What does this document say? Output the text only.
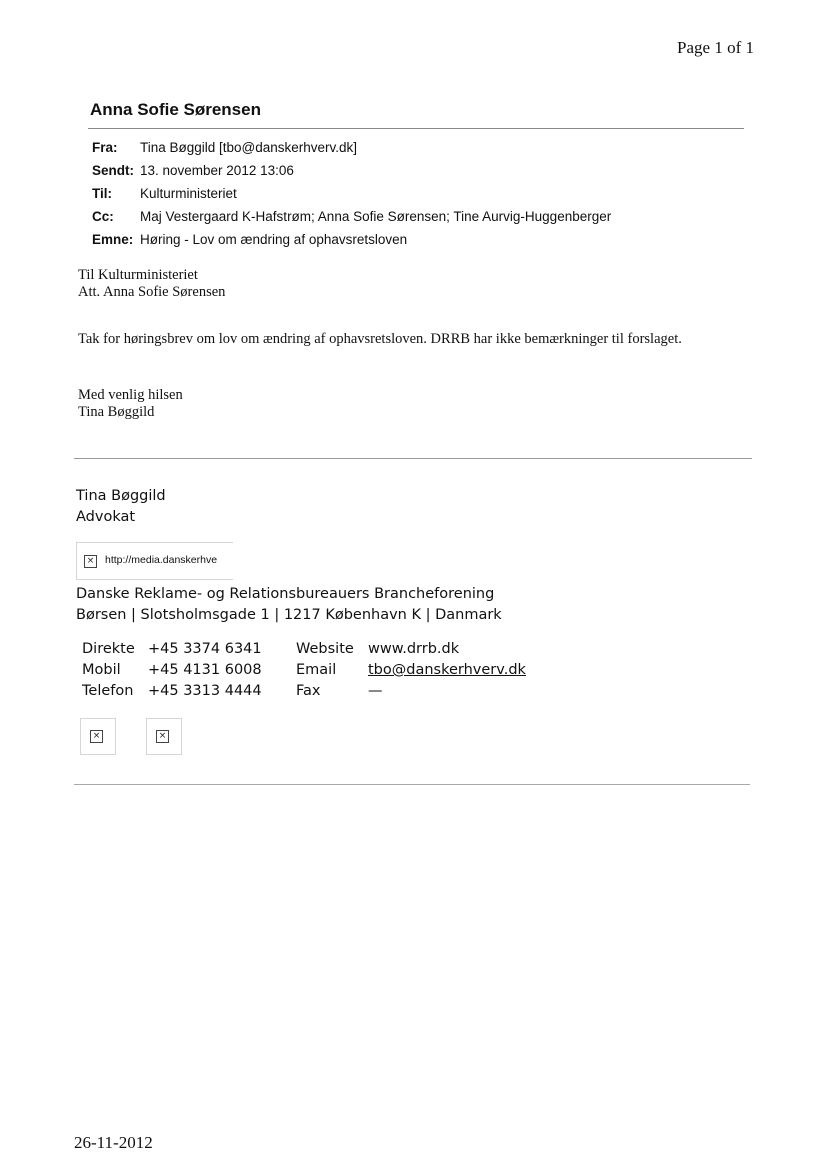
Page 1 of 1
Anna Sofie Sørensen
Fra: Tina Bøggild [tbo@danskerhverv.dk]
Sendt: 13. november 2012 13:06
Til: Kulturministeriet
Cc: Maj Vestergaard K-Hafstrøm; Anna Sofie Sørensen; Tine Aurvig-Huggenberger
Emne: Høring - Lov om ændring af ophavsretsloven
Til Kulturministeriet
Att. Anna Sofie Sørensen
Tak for høringsbrev om lov om ændring af ophavsretsloven. DRRB har ikke bemærkninger til forslaget.
Med venlig hilsen
Tina Bøggild
Tina Bøggild
Advokat
× http://media.danskerhve
Danske Reklame- og Relationsbureauers Brancheforening
Børsen | Slotsholmsgade 1 | 1217 København K | Danmark
Direkte +45 3374 6341
Mobil +45 4131 6008
Telefon +45 3313 4444
Website www.drrb.dk
Email tbo@danskerhverv.dk
Fax	—
×	×
26-11-2012
